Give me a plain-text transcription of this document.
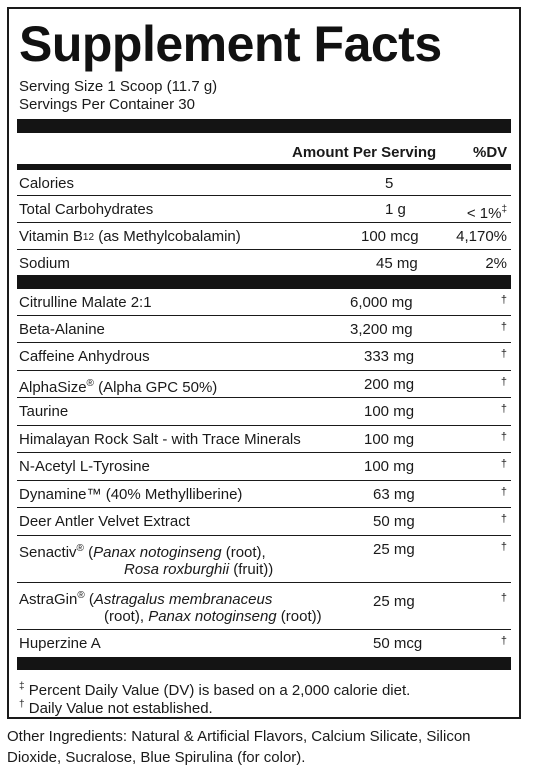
Supplement Facts
Serving Size 1 Scoop (11.7 g)
Servings Per Container 30
Amount Per Serving %DV
Calories	5
Total Carbohydrates	1 g	< 1%‡
Vitamin $B_{12}$ (as Methylcobalamin)	100 mcg	4,170%
Sodium	45 mg	2%
Citrulline Malate 2:1	6,000 mg	†
Beta-Alanine	3,200 mg	†
Caffeine Anhydrous	333 mg	†
AlphaSize® (Alpha GPC 50%)	200 mg	†
Taurine	100 mg	†
Himalayan Rock Salt - with Trace Minerals	100 mg	†
N-Acetyl L-Tyrosine	100 mg	†
Dynamine™ (40% Methylliberine)	63 mg	†
Deer Antler Velvet Extract	50 mg	†
Senactiv® (Panax notoginseng (root),
Rosa roxburghii (fruit))
25 mg	†
AstraGin® (Astragalus membranaceus
(root), Panax notoginseng (root))
25 mg	†
Huperzine A	50 mcg	†
‡ Percent Daily Value (DV) is based on a 2,000 calorie diet.
† Daily Value not established.
Other Ingredients: Natural & Artificial Flavors, Calcium Silicate, Silicon Dioxide, Sucralose, Blue Spirulina (for color).
